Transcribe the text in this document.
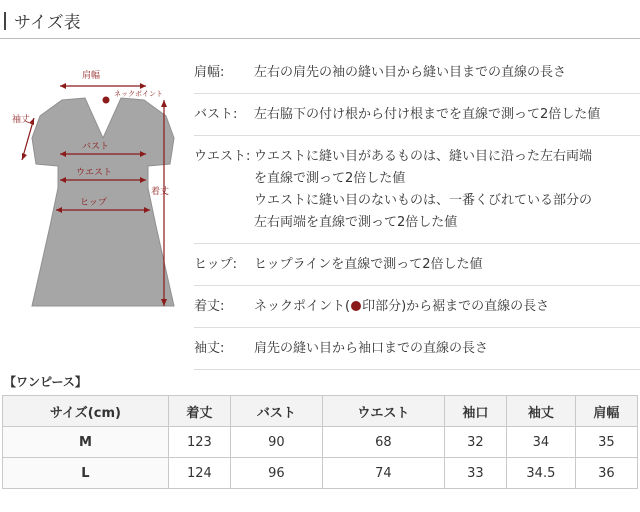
サイズ表
肩幅
ネックポイント
袖丈
バスト
ウエスト
ヒップ
着丈
肩幅:	左右の肩先の袖の縫い目から縫い目までの直線の長さ
バスト:	左右脇下の付け根から付け根までを直線で測って2倍した値
ウエスト: ウエストに縫い目があるものは、縫い目に沿った左右両端
を直線で測って2倍した値
ウエストに縫い目のないものは、一番くびれている部分の
左右両端を直線で測って2倍した値
ヒップ:	ヒップラインを直線で測って2倍した値
着丈:	ネックポイント( 印部分)から裾までの直線の長さ
袖丈:	肩先の縫い目から袖口までの直線の長さ
【ワンピース】
サイズ(cm)	着丈	バスト	ウエスト	袖口	袖丈	肩幅
M	123	90	68	32	34	35
L	124	96	74	33	34.5	36
